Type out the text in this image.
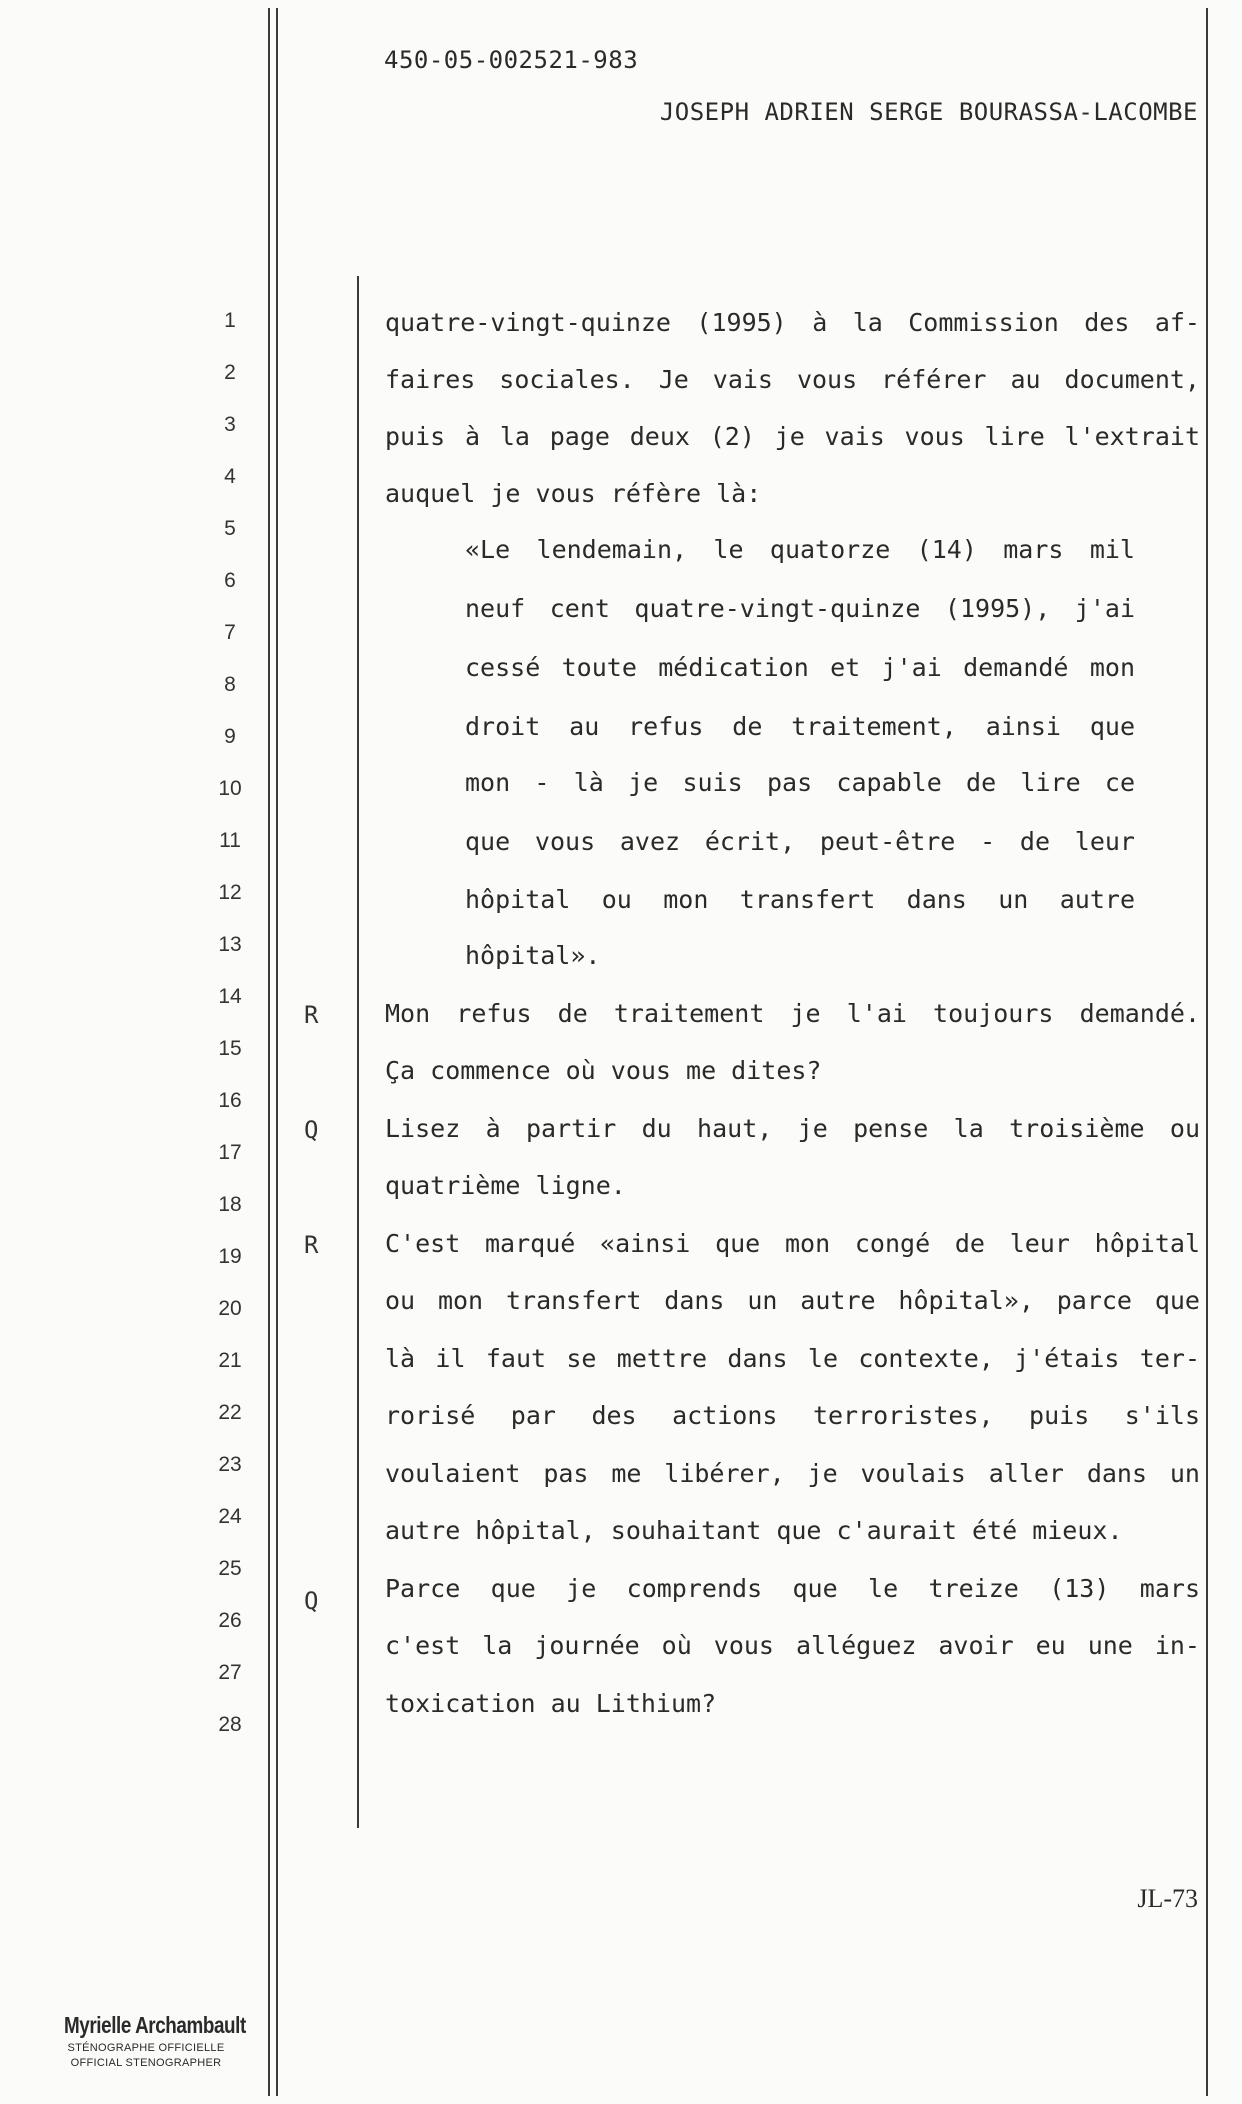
450-05-002521-983
JOSEPH ADRIEN SERGE BOURASSA-LACOMBE
1
2
3
4
5
6
7
8
9
10
11
12
13
14
15
16
17
18
19
20
21
22
23
24
25
26
27
28
R
Q
R
Q
quatre-vingt-quinze (1995) à la Commission des af-
faires sociales. Je vais vous référer au document,
puis à la page deux (2) je vais vous lire l'extrait
auquel je vous réfère là:
«Le lendemain, le quatorze (14) mars mil
neuf cent quatre-vingt-quinze (1995), j'ai
cessé toute médication et j'ai demandé mon
droit au refus de traitement, ainsi que
mon - là je suis pas capable de lire ce
que vous avez écrit, peut-être - de leur
hôpital ou mon transfert dans un autre
hôpital».
Mon refus de traitement je l'ai toujours demandé.
Ça commence où vous me dites?
Lisez à partir du haut, je pense la troisième ou
quatrième ligne.
C'est marqué «ainsi que mon congé de leur hôpital
ou mon transfert dans un autre hôpital», parce que
là il faut se mettre dans le contexte, j'étais ter-
rorisé par des actions terroristes, puis s'ils
voulaient pas me libérer, je voulais aller dans un
autre hôpital, souhaitant que c'aurait été mieux.
Parce que je comprends que le treize (13) mars
c'est la journée où vous alléguez avoir eu une in-
toxication au Lithium?
JL-73
Myrielle Archambault
STÉNOGRAPHE OFFICIELLE
OFFICIAL STENOGRAPHER
